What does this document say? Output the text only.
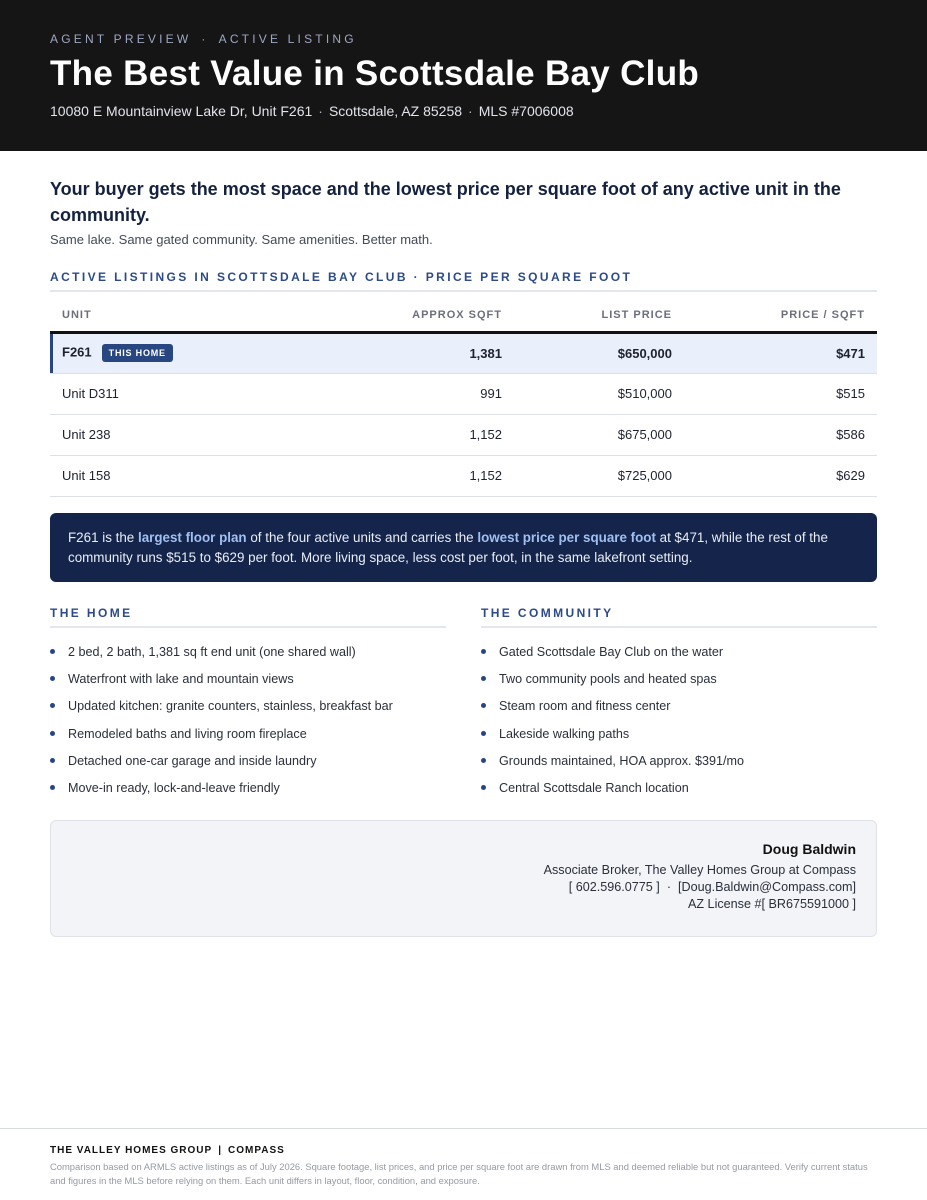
AGENT PREVIEW · ACTIVE LISTING
The Best Value in Scottsdale Bay Club
10080 E Mountainview Lake Dr, Unit F261 · Scottsdale, AZ 85258 · MLS #7006008
Your buyer gets the most space and the lowest price per square foot of any active unit in the community.
Same lake. Same gated community. Same amenities. Better math.
ACTIVE LISTINGS IN SCOTTSDALE BAY CLUB · PRICE PER SQUARE FOOT
UNIT	APPROX SQFT	LIST PRICE	PRICE / SQFT
F261 THIS HOME	1,381	$650,000	$471
Unit D311	991	$510,000	$515
Unit 238	1,152	$675,000	$586
Unit 158	1,152	$725,000	$629
F261 is the largest floor plan of the four active units and carries the lowest price per square foot at $471, while the rest of the community runs $515 to $629 per foot. More living space, less cost per foot, in the same lakefront setting.
THE HOME
2 bed, 2 bath, 1,381 sq ft end unit (one shared wall)
Waterfront with lake and mountain views
Updated kitchen: granite counters, stainless, breakfast bar
Remodeled baths and living room fireplace
Detached one-car garage and inside laundry
Move-in ready, lock-and-leave friendly
THE COMMUNITY
Gated Scottsdale Bay Club on the water
Two community pools and heated spas
Steam room and fitness center
Lakeside walking paths
Grounds maintained, HOA approx. $391/mo
Central Scottsdale Ranch location
Doug Baldwin
Associate Broker, The Valley Homes Group at Compass
[ 602.596.0775 ] · [Doug.Baldwin@Compass.com]
AZ License #[ BR675591000 ]
THE VALLEY HOMES GROUP | COMPASS
Comparison based on ARMLS active listings as of July 2026. Square footage, list prices, and price per square foot are drawn from MLS and deemed reliable but not guaranteed. Verify current status and figures in the MLS before relying on them. Each unit differs in layout, floor, condition, and exposure.
